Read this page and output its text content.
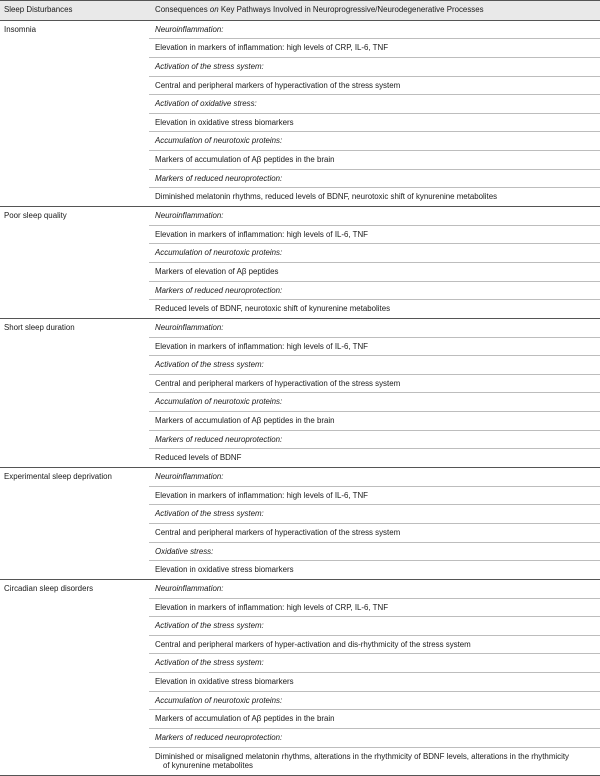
Sleep Disturbances	Consequences on Key Pathways Involved in Neuroprogressive/Neurodegenerative Processes
Insomnia	Neuroinflammation:
	Elevation in markers of inflammation: high levels of CRP, IL-6, TNF
	Activation of the stress system:
	Central and peripheral markers of hyperactivation of the stress system
	Activation of oxidative stress:
	Elevation in oxidative stress biomarkers
	Accumulation of neurotoxic proteins:
	Markers of accumulation of Aβ peptides in the brain
	Markers of reduced neuroprotection:
	Diminished melatonin rhythms, reduced levels of BDNF, neurotoxic shift of kynurenine metabolites
Poor sleep quality	Neuroinflammation:
	Elevation in markers of inflammation: high levels of IL-6, TNF
	Accumulation of neurotoxic proteins:
	Markers of elevation of Aβ peptides
	Markers of reduced neuroprotection:
	Reduced levels of BDNF, neurotoxic shift of kynurenine metabolites
Short sleep duration	Neuroinflammation:
	Elevation in markers of inflammation: high levels of IL-6, TNF
	Activation of the stress system:
	Central and peripheral markers of hyperactivation of the stress system
	Accumulation of neurotoxic proteins:
	Markers of accumulation of Aβ peptides in the brain
	Markers of reduced neuroprotection:
	Reduced levels of BDNF
Experimental sleep deprivation	Neuroinflammation:
	Elevation in markers of inflammation: high levels of IL-6, TNF
	Activation of the stress system:
	Central and peripheral markers of hyperactivation of the stress system
	Oxidative stress:
	Elevation in oxidative stress biomarkers
Circadian sleep disorders	Neuroinflammation:
	Elevation in markers of inflammation: high levels of CRP, IL-6, TNF
	Activation of the stress system:
	Central and peripheral markers of hyper-activation and dis-rhythmicity of the stress system
	Activation of the stress system:
	Elevation in oxidative stress biomarkers
	Accumulation of neurotoxic proteins:
	Markers of accumulation of Aβ peptides in the brain
	Markers of reduced neuroprotection:
	Diminished or misaligned melatonin rhythms, alterations in the rhythmicity of BDNF levels, alterations in the rhythmicity
of kynurenine metabolites
